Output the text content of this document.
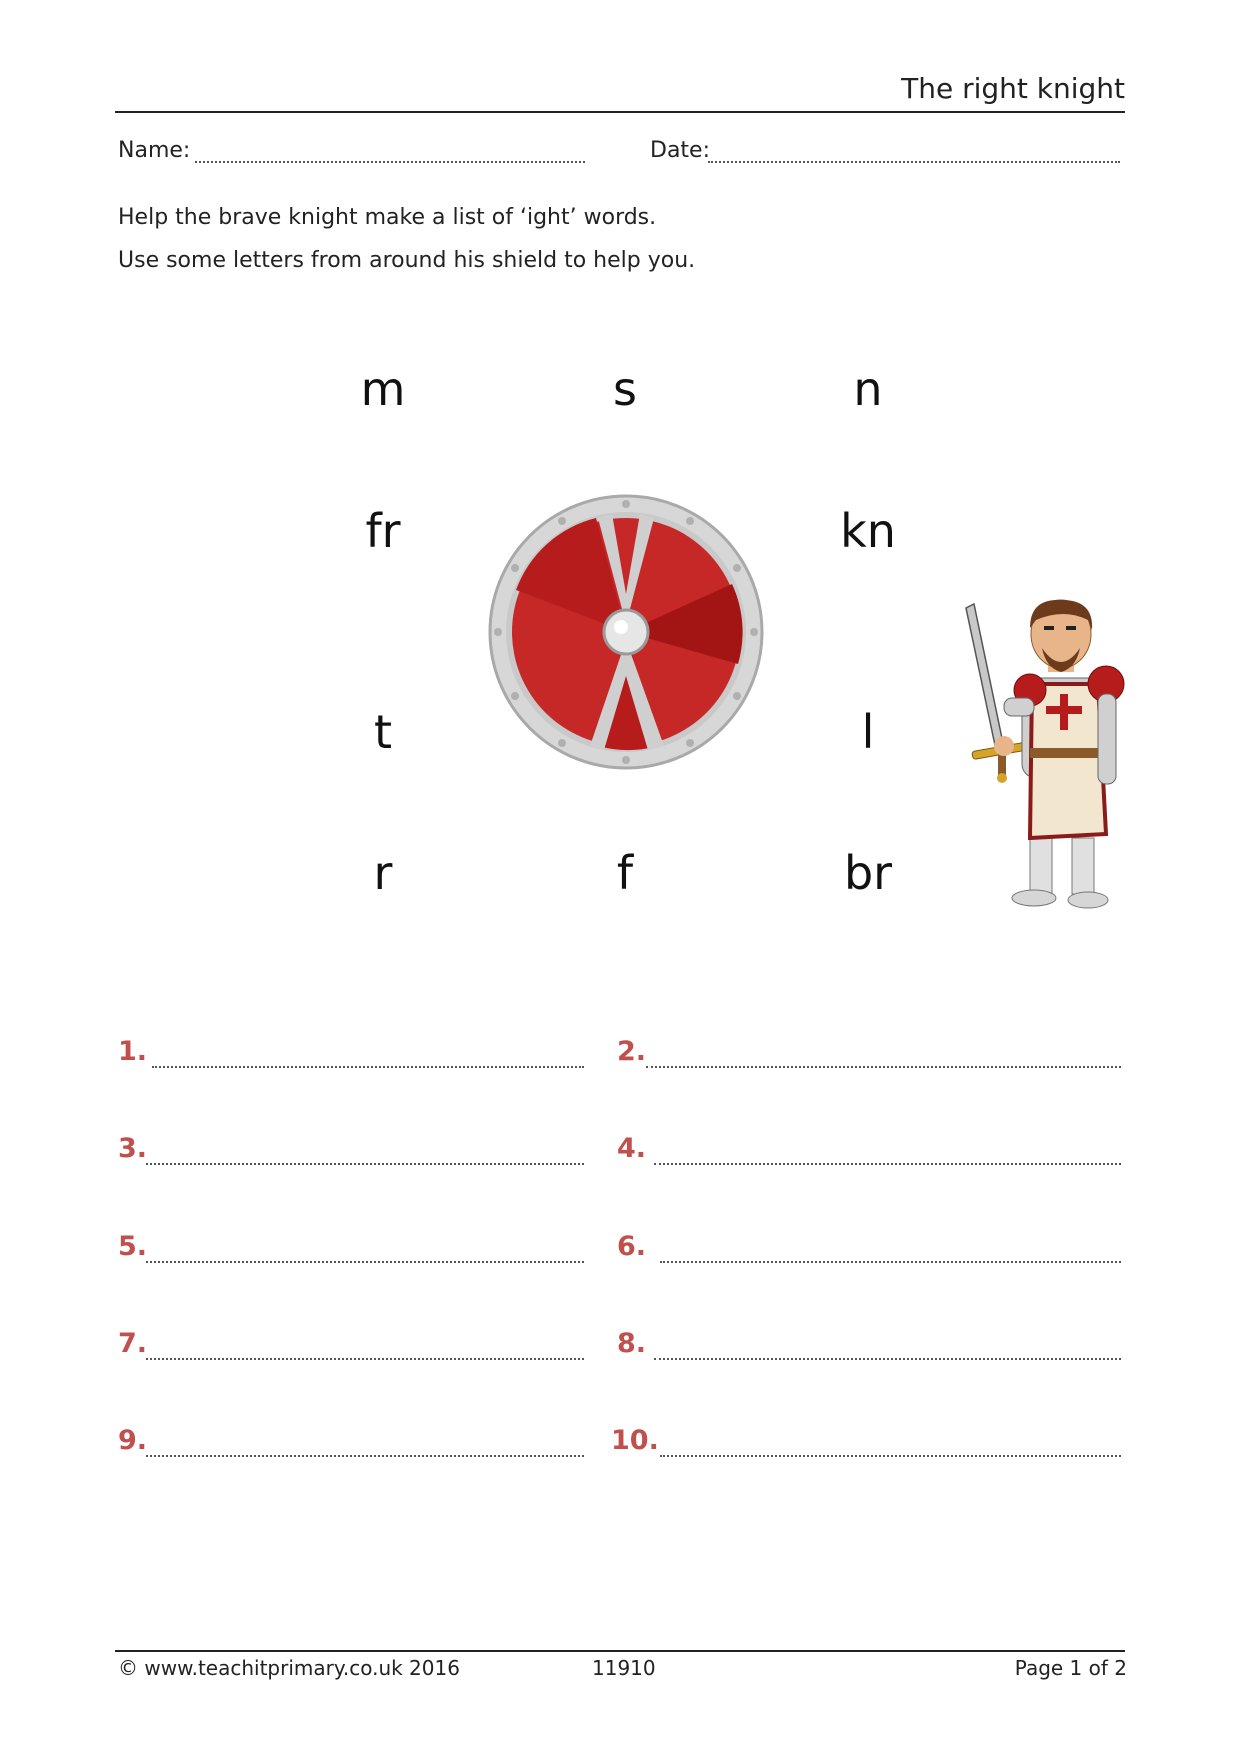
The right knight
Name:	Date:
Help the brave knight make a list of ‘ight’ words.
Use some letters from around his shield to help you.
m	s	n
fr	kn
t	l
r	f	br
1.	2.
3.	4.
5.	6.
7.	8.
9.	10.
© www.teachitprimary.co.uk 2016	11910	Page 1 of 2
